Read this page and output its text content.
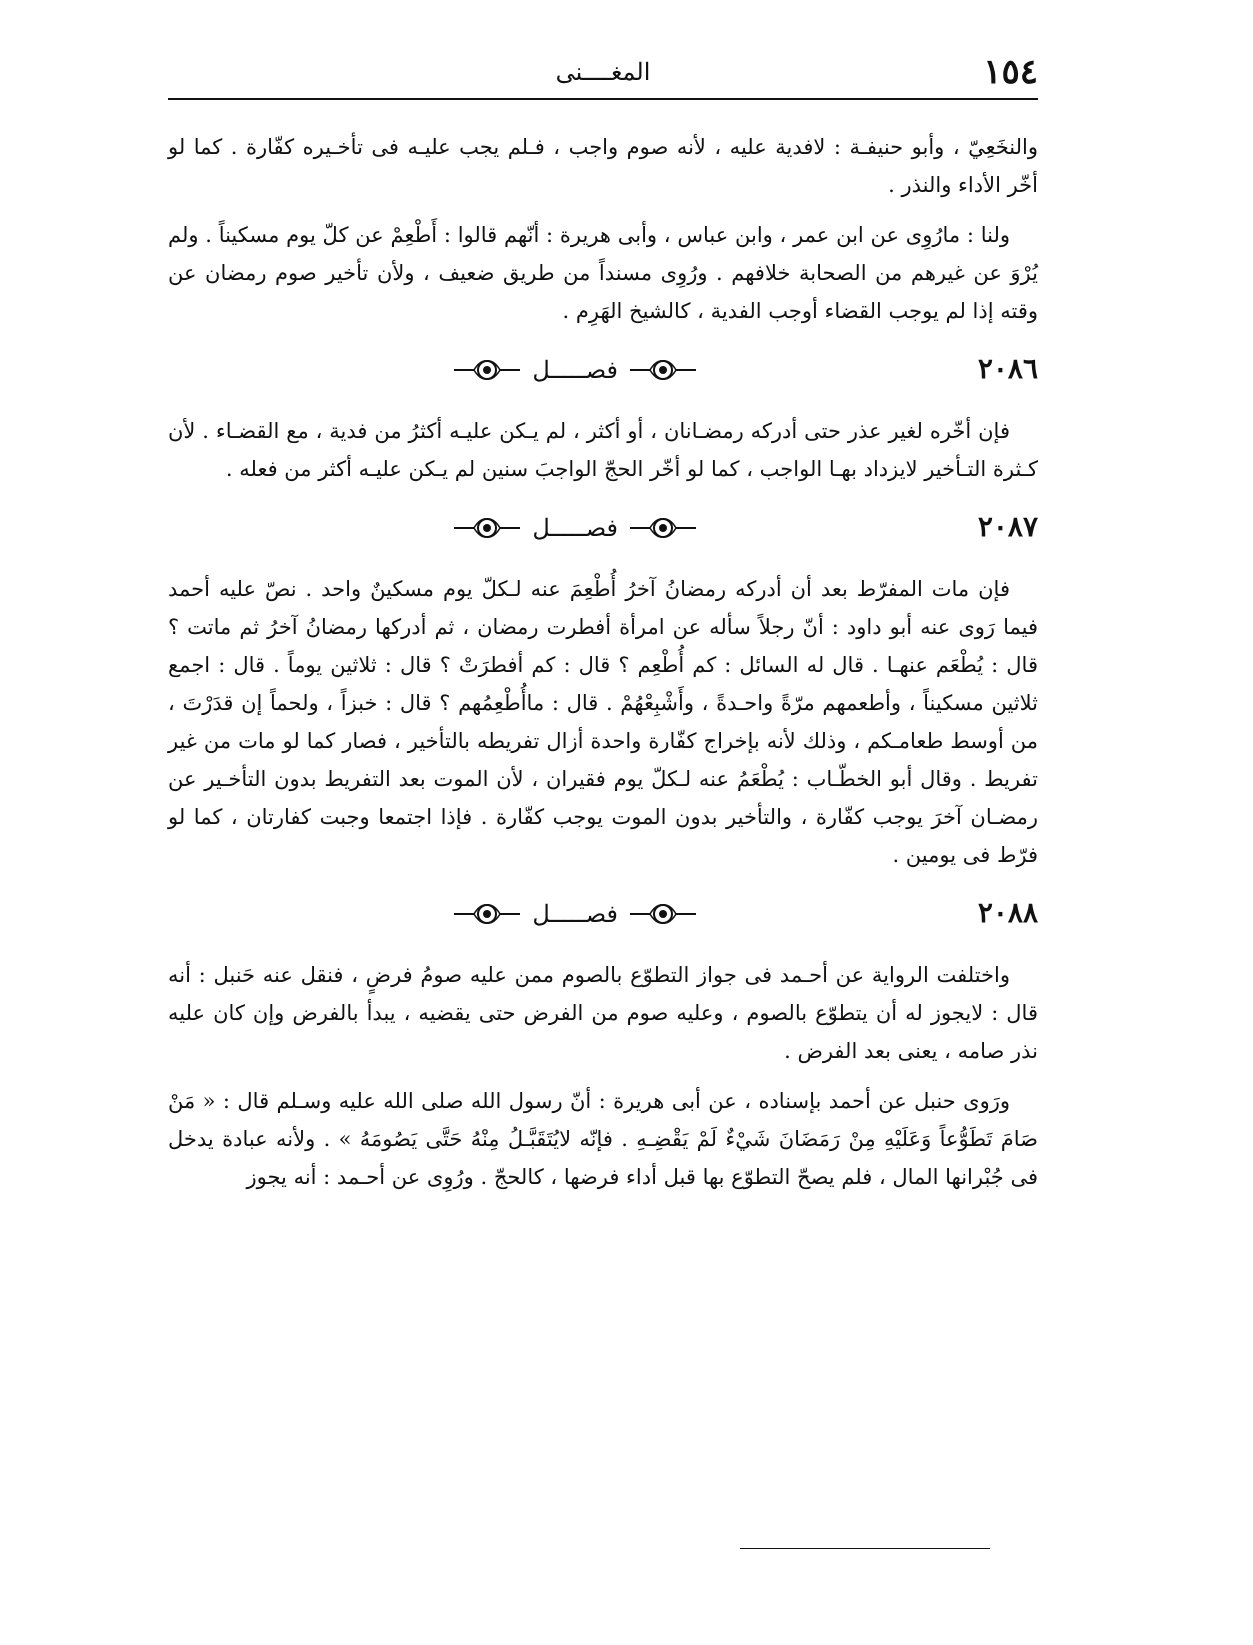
١٥٤
المغــــنى

والنخَعِيّ ، وأبو حنيفـة : لافدية عليه ، لأنه صوم واجب ، فـلم يجب عليـه فى تأخـيره كفّارة . كما لو أخّر الأداء والنذر .

ولنا : مارُوِى عن ابن عمر ، وابن عباس ، وأبى هريرة : أنّهم قالوا : أَطْعِمْ عن كلّ يوم مسكيناً . ولم يُرْوَ عن غيرهم من الصحابة خلافهم . ورُوِى مسنداً من طريق ضعيف ، ولأن تأخير صوم رمضان عن وقته إذا لم يوجب القضاء أوجب الفدية ، كالشيخ الهَرِم .

٢٠٨٦
فصـــــل

فإن أخّره لغير عذر حتى أدركه رمضـانان ، أو أكثر ، لم يـكن عليـه أكثرُ من فدية ، مع القضـاء . لأن كـثرة التـأخير لايزداد بهـا الواجب ، كما لو أخّر الحجّ الواجبَ سنين لم يـكن عليـه أكثر من فعله .

٢٠٨٧
فصـــــل

فإن مات المفرّط بعد أن أدركه رمضانُ آخرُ أُطْعِمَ عنه لـكلّ يوم مسكينٌ واحد . نصّ عليه أحمد فيما رَوى عنه أبو داود : أنّ رجلاً سأله عن امرأة أفطرت رمضان ، ثم أدركها رمضانُ آخرُ ثم ماتت ؟ قال : يُطْعَم عنهـا . قال له السائل : كم أُطْعِم ؟ قال : كم أفطرَتْ ؟ قال : ثلاثين يوماً . قال : اجمع ثلاثين مسكيناً ، وأطعمهم مرّةً واحـدةً ، وأَشْبِعْهُمْ . قال : ماأُطْعِمُهم ؟ قال : خبزاً ، ولحماً إن قدَرْتَ ، من أوسط طعامـكم ، وذلك لأنه بإخراج كفّارة واحدة أزال تفريطه بالتأخير ، فصار كما لو مات من غير تفريط . وقال أبو الخطّـاب : يُطْعَمُ عنه لـكلّ يوم فقيران ، لأن الموت بعد التفريط بدون التأخـير عن رمضـان آخرَ يوجب كفّارة ، والتأخير بدون الموت يوجب كفّارة . فإذا اجتمعا وجبت كفارتان ، كما لو فرّط فى يومين .

٢٠٨٨
فصـــــل

واختلفت الرواية عن أحـمد فى جواز التطوّع بالصوم ممن عليه صومُ فرضٍ ، فنقل عنه حَنبل : أنه قال : لايجوز له أن يتطوّع بالصوم ، وعليه صوم من الفرض حتى يقضيه ، يبدأ بالفرض وإن كان عليه نذر صامه ، يعنى بعد الفرض .

ورَوى حنبل عن أحمد بإسناده ، عن أبى هريرة : أنّ رسول الله صلى الله عليه وسـلم قال : « مَنْ صَامَ تَطَوُّعاً وَعَلَيْهِ مِنْ رَمَضَانَ شَيْءٌ لَمْ يَقْضِـهِ . فإنّه لايُتَقَبَّـلُ مِنْهُ حَتَّى يَصُومَهُ » . ولأنه عبادة يدخل فى جُبْرانها المال ، فلم يصحّ التطوّع بها قبل أداء فرضها ، كالحجّ . ورُوِى عن أحـمد : أنه يجوز
